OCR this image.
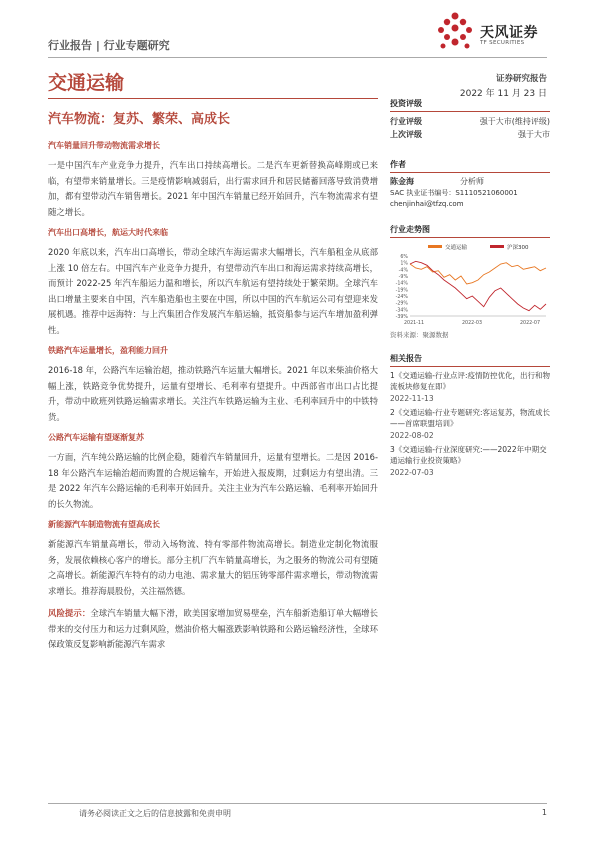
行业报告 | 行业专题研究
天风证券
TF SECURITIES
交通运输
汽车物流：复苏、繁荣、高成长
证券研究报告
2022 年 11 月 23 日
汽车销量回升带动物流需求增长

一是中国汽车产业竞争力提升，汽车出口持续高增长。二是汽车更新替换高峰期或已来临，有望带来销量增长。三是疫情影响减弱后，出行需求回升和居民储蓄回落导致消费增加，都有望带动汽车销售增长。2021 年中国汽车销量已经开始回升，汽车物流需求有望随之增长。

汽车出口高增长，航运大时代来临

2020 年底以来，汽车出口高增长，带动全球汽车海运需求大幅增长，汽车船租金从底部上涨 10 倍左右。中国汽车产业竞争力提升，有望带动汽车出口和海运需求持续高增长，而预计 2022-25 年汽车船运力温和增长，所以汽车航运有望持续处于繁荣期。全球汽车出口增量主要来自中国，汽车船造船也主要在中国，所以中国的汽车航运公司有望迎来发展机遇。推荐中远海特：与上汽集团合作发展汽车船运输，抵资船参与运汽车增加盈利弹性。

铁路汽车运量增长，盈利能力回升

2016-18 年，公路汽车运输治超，推动铁路汽车运量大幅增长。2021 年以来柴油价格大幅上涨，铁路竞争优势提升，运量有望增长、毛利率有望提升。中西部省市出口占比提升，带动中欧班列铁路运输需求增长。关注汽车铁路运输为主业、毛利率回升中的中铁特货。

公路汽车运输有望逐渐复苏

一方面，汽车纯公路运输的比例企稳，随着汽车销量回升，运量有望增长。二是因 2016-18 年公路汽车运输治超而购置的合规运输车，开始进入报废期，过剩运力有望出清。三是 2022 年汽车公路运输的毛利率开始回升。关注主业为汽车公路运输、毛利率开始回升的长久物流。

新能源汽车制造物流有望高成长

新能源汽车销量高增长，带动入场物流、特有零部件物流高增长。制造业定制化物流服务，发展依赖核心客户的增长。部分主机厂汽车销量高增长，为之服务的物流公司有望随之高增长。新能源汽车特有的动力电池、需求量大的铝压铸零部件需求增长，带动物流需求增长。推荐海晨股份，关注福然德。

风险提示：全球汽车销量大幅下滑，欧美国家增加贸易壁垒，汽车船新造船订单大幅增长带来的交付压力和运力过剩风险，燃油价格大幅涨跌影响铁路和公路运输经济性，全球环保政策反复影响新能源汽车需求

投资评级
行业评级	强于大市(维持评级)
上次评级	强于大市
作者
陈金海	分析师
SAC 执业证书编号：S1110521060001
chenjinhai@tfzq.com
行业走势图
交通运输	沪深300
6%
1%
-4%
-9%
-14%
-19%
-24%
-29%
-34%
-39%
2021-11	2022-03	2022-07
资料来源：聚源数据
相关报告
1《交通运输-行业点评:疫情防控优化，出行和物流板块修复在即》
2022-11-13
2《交通运输-行业专题研究:客运复苏，物流成长——首席联盟培训》
2022-08-02
3《交通运输-行业深度研究:——2022年中期交通运输行业投资策略》
2022-07-03
请务必阅读正文之后的信息披露和免责申明	1
